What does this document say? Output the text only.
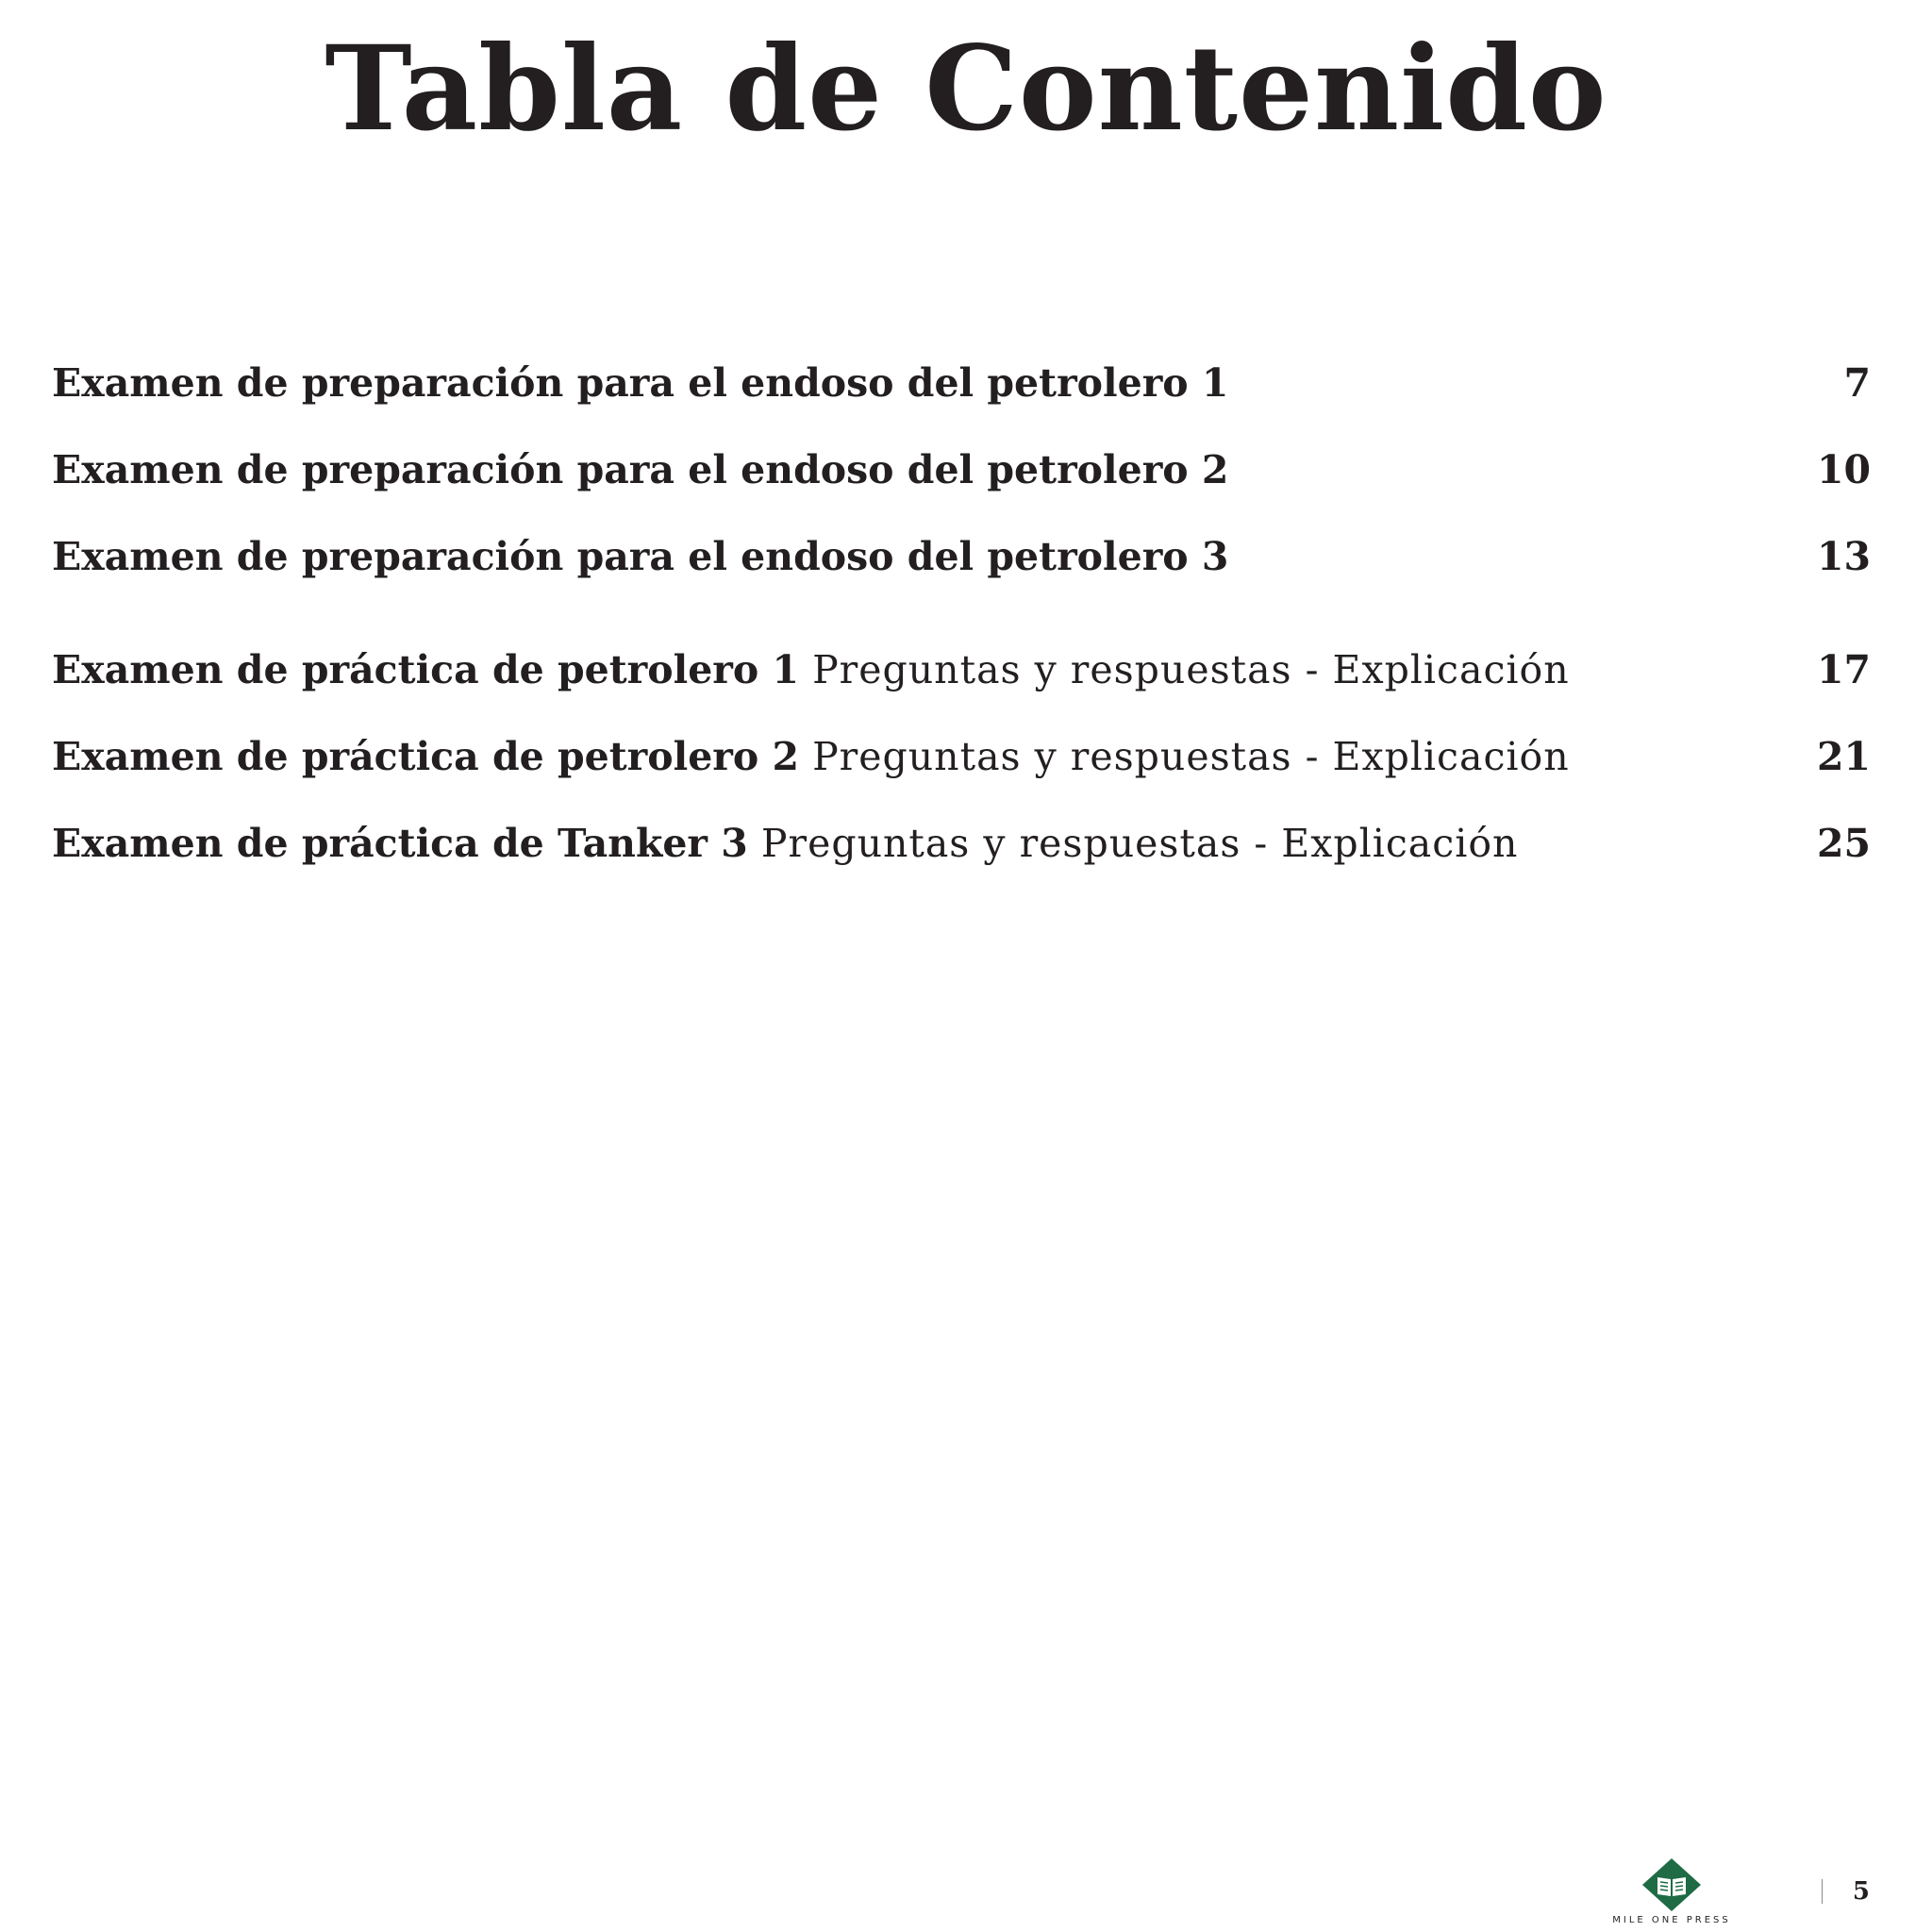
Tabla de Contenido
Examen de preparación para el endoso del petrolero 1	7
Examen de preparación para el endoso del petrolero 2	10
Examen de preparación para el endoso del petrolero 3	13
Examen de práctica de petrolero 1 Preguntas y respuestas - Explicación	17
Examen de práctica de petrolero 2 Preguntas y respuestas - Explicación	21
Examen de práctica de Tanker 3 Preguntas y respuestas - Explicación	25
MILE ONE PRESS
5
